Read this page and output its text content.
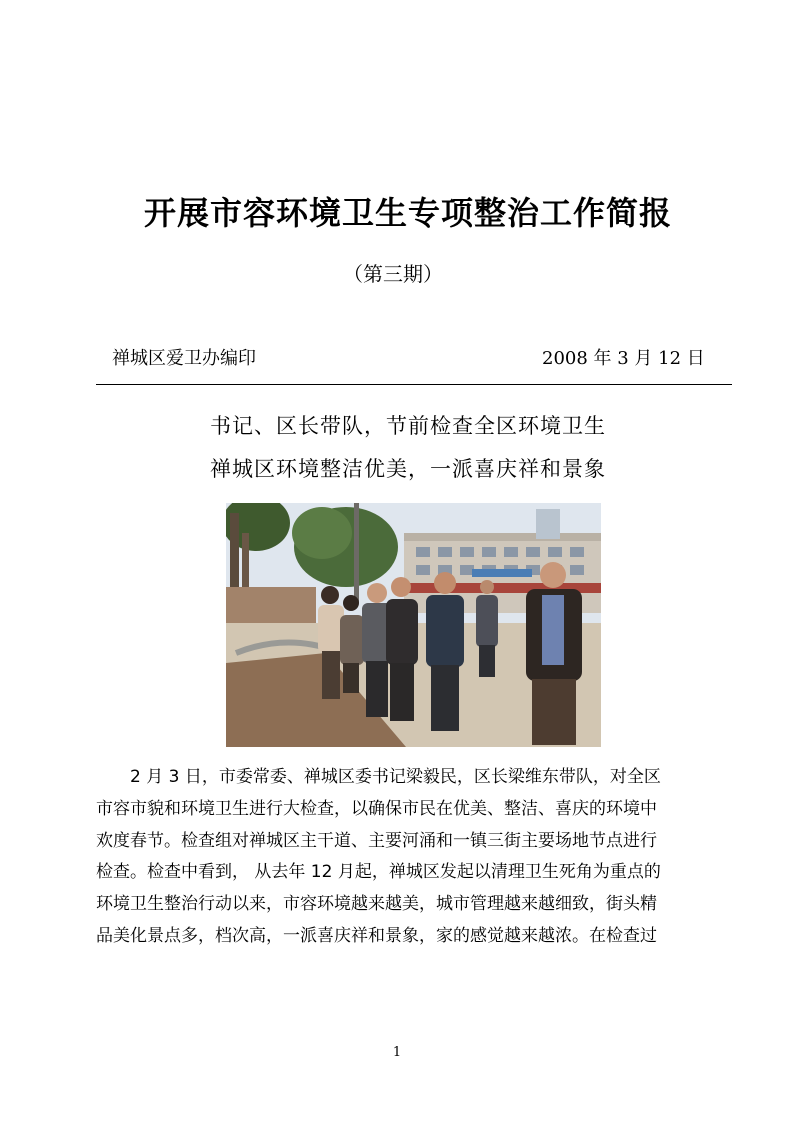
开展市容环境卫生专项整治工作简报
（第三期）
禅城区爱卫办编印	2008 年 3 月 12 日
书记、区长带队，节前检查全区环境卫生
禅城区环境整洁优美，一派喜庆祥和景象
2 月 3 日，市委常委、禅城区委书记梁毅民，区长梁维东带队，对全区
市容市貌和环境卫生进行大检查，以确保市民在优美、整洁、喜庆的环境中
欢度春节。检查组对禅城区主干道、主要河涌和一镇三街主要场地节点进行
检查。检查中看到， 从去年 12 月起，禅城区发起以清理卫生死角为重点的
环境卫生整治行动以来，市容环境越来越美，城市管理越来越细致，街头精
品美化景点多，档次高，一派喜庆祥和景象，家的感觉越来越浓。在检查过
1
